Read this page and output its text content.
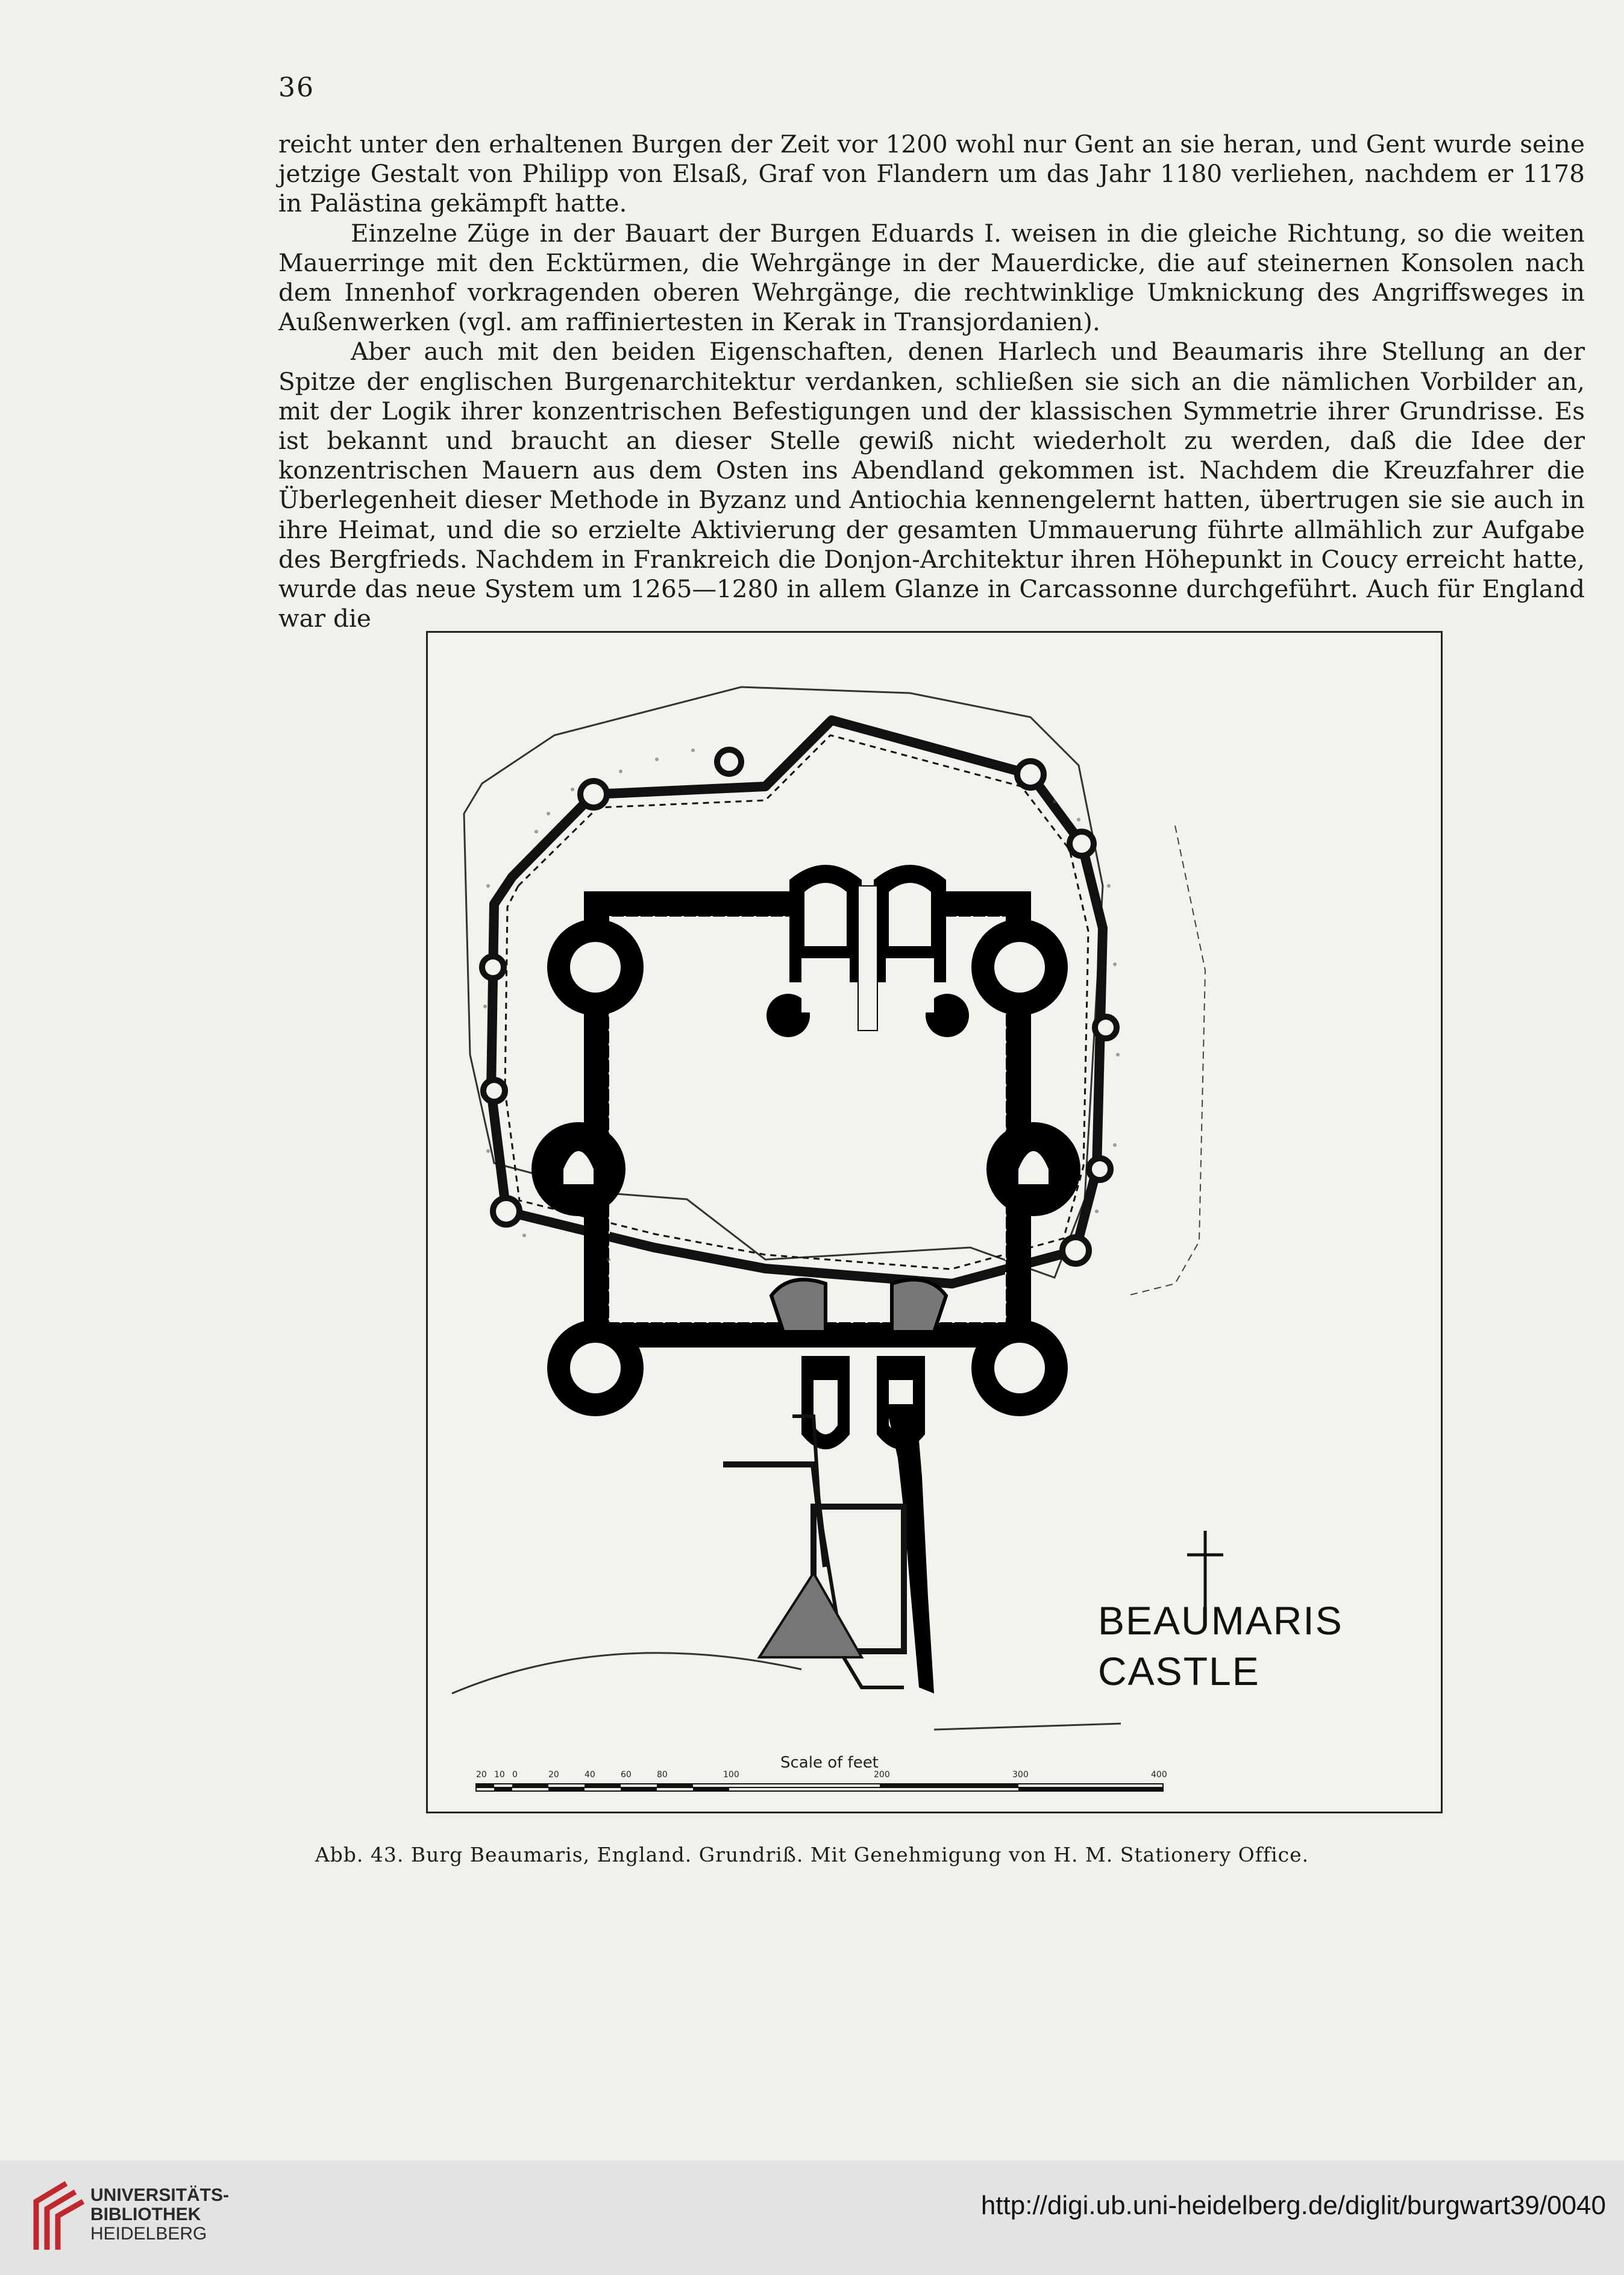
36

reicht unter den erhaltenen Burgen der Zeit vor 1200 wohl nur Gent an sie heran, und Gent wurde seine jetzige Gestalt von Philipp von Elsaß, Graf von Flandern um das Jahr 1180 verliehen, nachdem er 1178 in Palästina gekämpft hatte.

Einzelne Züge in der Bauart der Burgen Eduards I. weisen in die gleiche Richtung, so die weiten Mauerringe mit den Ecktürmen, die Wehrgänge in der Mauerdicke, die auf steinernen Konsolen nach dem Innenhof vorkragenden oberen Wehrgänge, die rechtwinklige Umknickung des Angriffsweges in Außenwerken (vgl. am raffiniertesten in Kerak in Transjordanien).

Aber auch mit den beiden Eigenschaften, denen Harlech und Beaumaris ihre Stellung an der Spitze der englischen Burgenarchitektur verdanken, schließen sie sich an die nämlichen Vorbilder an, mit der Logik ihrer konzentrischen Befestigungen und der klassischen Symmetrie ihrer Grundrisse. Es ist bekannt und braucht an dieser Stelle gewiß nicht wiederholt zu werden, daß die Idee der konzentrischen Mauern aus dem Osten ins Abendland gekommen ist. Nachdem die Kreuzfahrer die Überlegenheit dieser Methode in Byzanz und Antiochia kennengelernt hatten, übertrugen sie sie auch in ihre Heimat, und die so erzielte Aktivierung der gesamten Ummauerung führte allmählich zur Aufgabe des Bergfrieds. Nachdem in Frankreich die Donjon-Architektur ihren Höhepunkt in Coucy erreicht hatte, wurde das neue System um 1265—1280 in allem Glanze in Carcassonne durchgeführt. Auch für England war die

BEAUMARIS
CASTLE
Scale of feet
20 10 0	20	40	60	80	100	200	300	400
Abb. 43. Burg Beaumaris, England. Grundriß. Mit Genehmigung von H. M. Stationery Office.
UNIVERSITÄTS-
BIBLIOTHEK
HEIDELBERG
http://digi.ub.uni-heidelberg.de/diglit/burgwart39/0040
